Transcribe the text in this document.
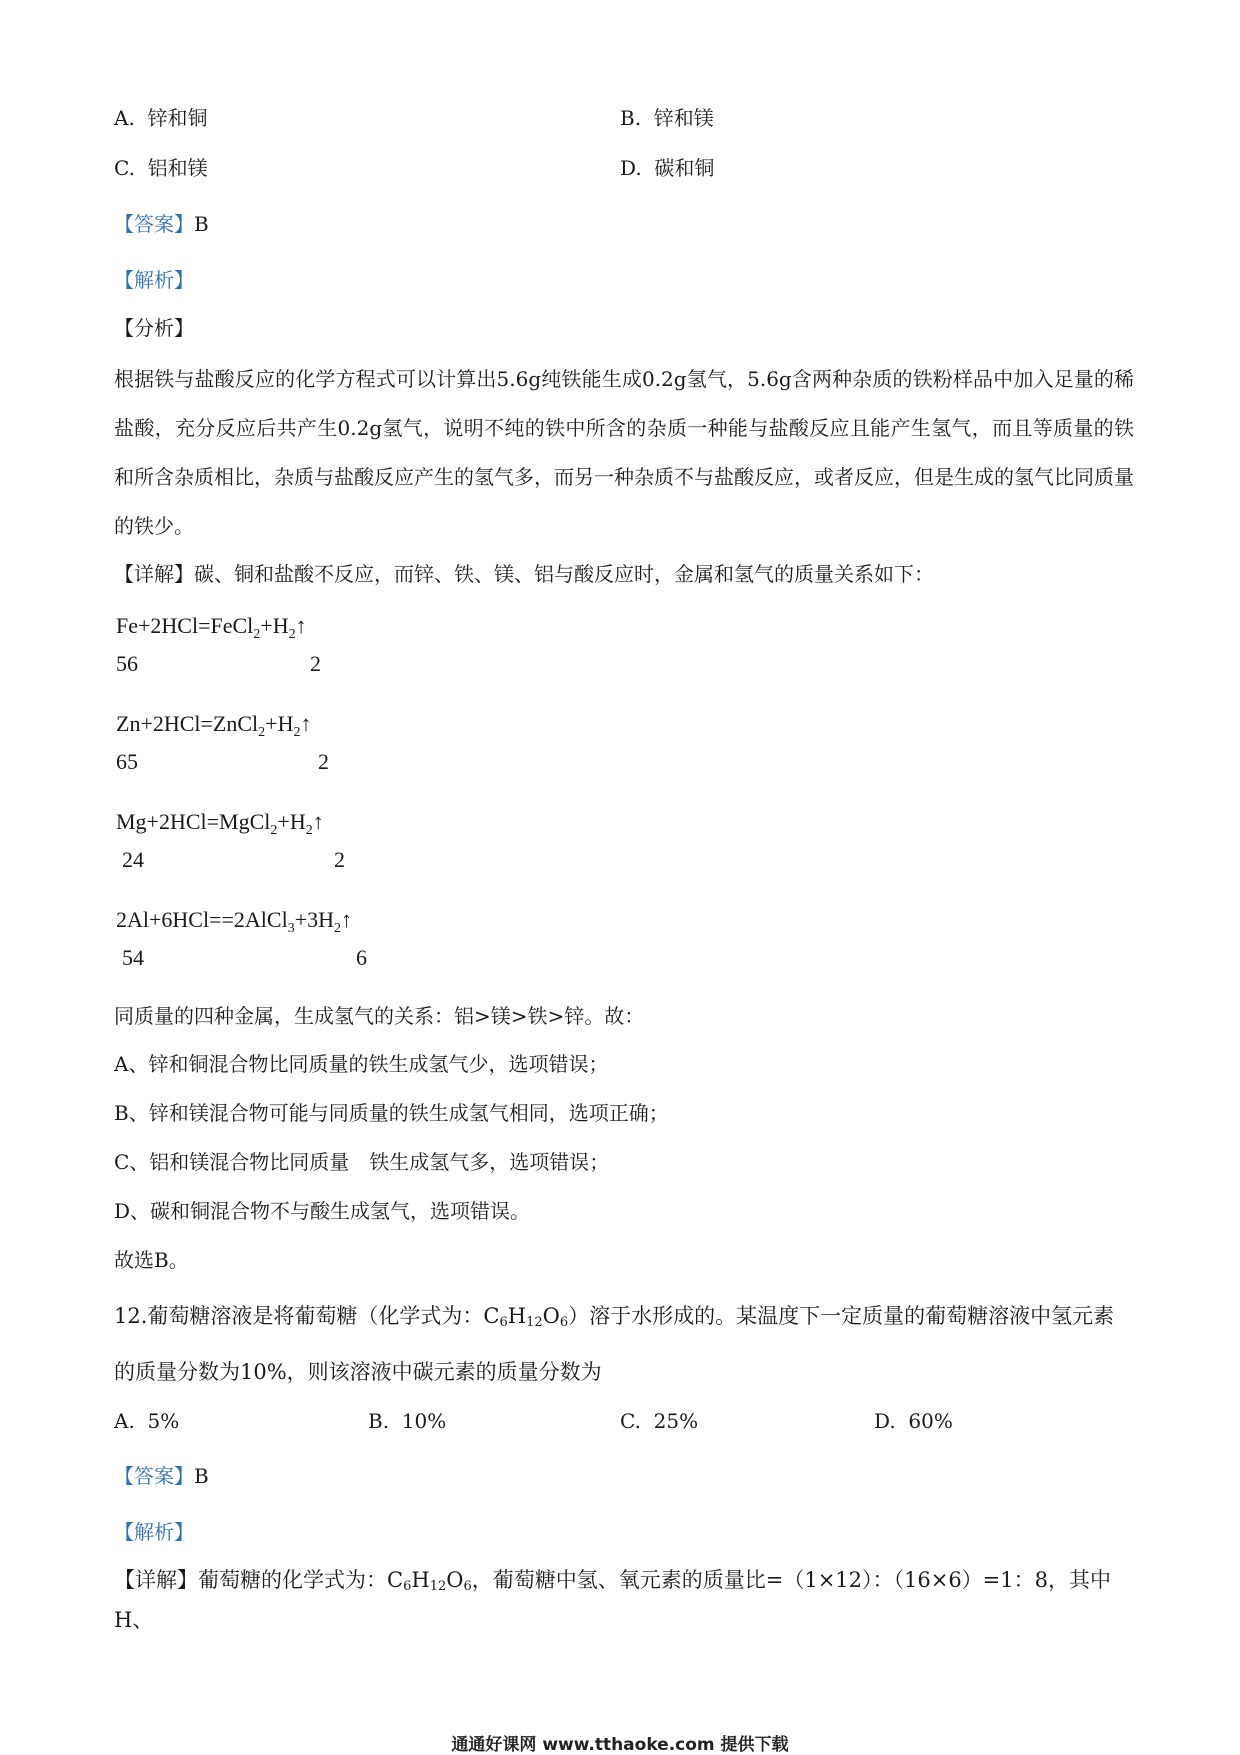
A. 锌和铜	B. 锌和镁
C. 铝和镁	D. 碳和铜
【答案】B
【解析】
【分析】
根据铁与盐酸反应的化学方程式可以计算出5.6g纯铁能生成0.2g氢气，5.6g含两种杂质的铁粉样品中加入足量的稀盐酸，充分反应后共产生0.2g氢气，说明不纯的铁中所含的杂质一种能与盐酸反应且能产生氢气，而且等质量的铁和所含杂质相比，杂质与盐酸反应产生的氢气多，而另一种杂质不与盐酸反应，或者反应，但是生成的氢气比同质量的铁少。
【详解】碳、铜和盐酸不反应，而锌、铁、镁、铝与酸反应时，金属和氢气的质量关系如下：
$Fe+2HCl=FeCl_2+H_2↑$
56	2
$Zn+2HCl=ZnCl_2+H_2↑$
65	2
$Mg+2HCl=MgCl_2+H_2↑$
24	2
$2Al+6HCl==2AlCl_3+3H_2↑$
54	6
同质量的四种金属，生成氢气的关系：铝>镁>铁>锌。故：
A、锌和铜混合物比同质量的铁生成氢气少，选项错误；
B、锌和镁混合物可能与同质量的铁生成氢气相同，选项正确；
C、铝和镁混合物比同质量　铁生成氢气多，选项错误；
D、碳和铜混合物不与酸生成氢气，选项错误。
故选B。
12.葡萄糖溶液是将葡萄糖（化学式为：$C_6H_{12}O_6$）溶于水形成的。某温度下一定质量的葡萄糖溶液中氢元素
的质量分数为10%，则该溶液中碳元素的质量分数为
A. 5%	B. 10%	C. 25%	D. 60%
【答案】B
【解析】
【详解】葡萄糖的化学式为：$C_6H_{12}O_6$，葡萄糖中氢、氧元素的质量比=（1×12）：（16×6）=1：8，其中H、
通通好课网 www.tthaoke.com 提供下载
